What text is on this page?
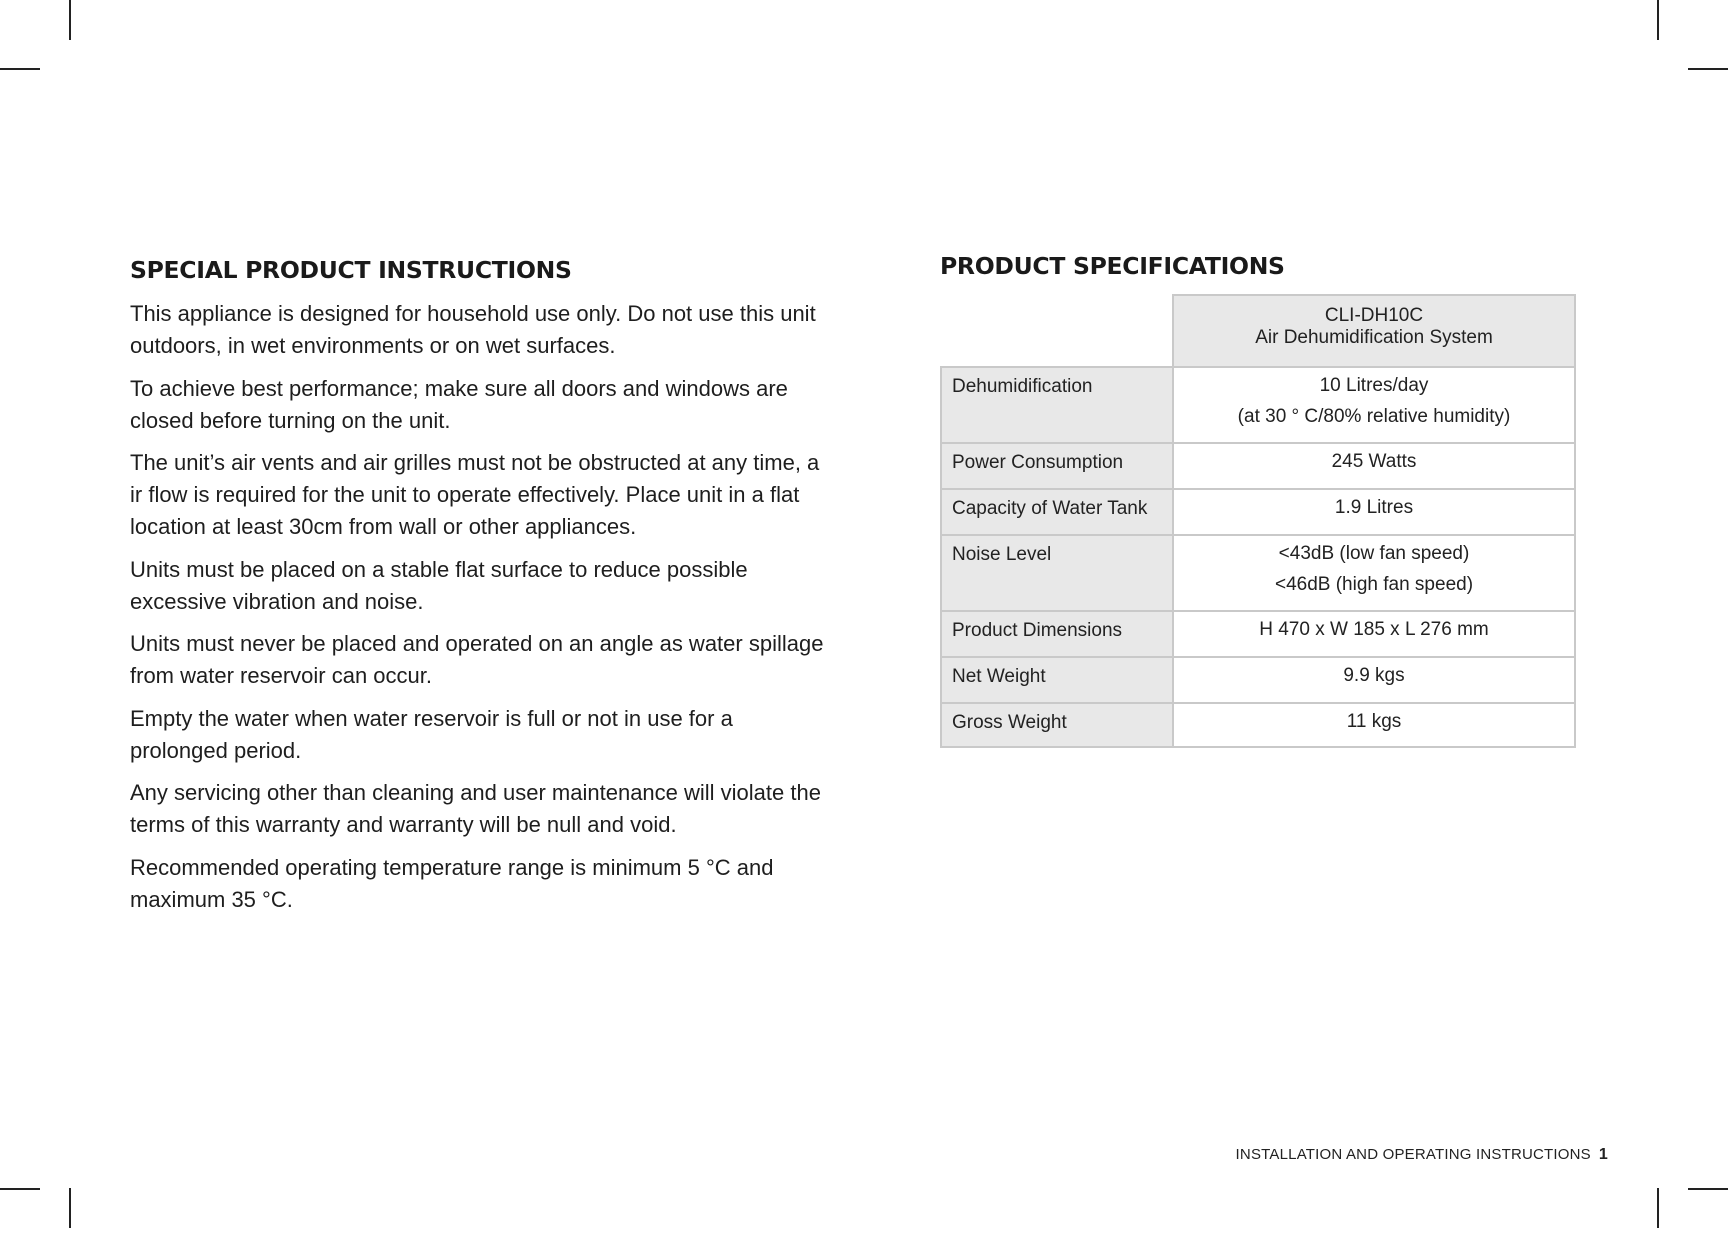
SPECIAL PRODUCT INSTRUCTIONS

This appliance is designed for household use only. Do not use this unit outdoors, in wet environments or on wet surfaces.

To achieve best performance; make sure all doors and windows are closed before turning on the unit.

The unit’s air vents and air grilles must not be obstructed at any time, a ir flow is required for the unit to operate effectively. Place unit in a flat location at least 30cm from wall or other appliances.

Units must be placed on a stable flat surface to reduce possible excessive vibration and noise.

Units must never be placed and operated on an angle as water spillage from water reservoir can occur.

Empty the water when water reservoir is full or not in use for a prolonged period.

Any servicing other than cleaning and user maintenance will violate the terms of this warranty and warranty will be null and void.

Recommended operating temperature range is minimum 5 °C and maximum 35 °C.

PRODUCT SPECIFICATIONS

	CLI-DH10C
Air Dehumidification System

Dehumidification	10 Litres/day
(at 30 ° C/80% relative humidity)

Power Consumption	245 Watts

Capacity of Water Tank	1.9 Litres

Noise Level	<43dB (low fan speed)
<46dB (high fan speed)

Product Dimensions	H 470 x W 185 x L 276 mm

Net Weight	9.9 kgs

Gross Weight	11 kgs
INSTALLATION AND OPERATING INSTRUCTIONS 1
